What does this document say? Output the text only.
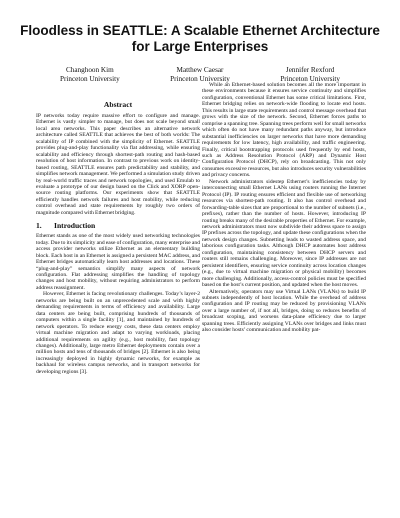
Floodless in SEATTLE: A Scalable Ethernet Architecture for Large Enterprises
Changhoon Kim
Princeton University
Matthew Caesar
Princeton University
Jennifer Rexford
Princeton University
Abstract

IP networks today require massive effort to configure and manage. Ethernet is vastly simpler to manage, but does not scale beyond small local area networks. This paper describes an alternative network architecture called SEATTLE that achieves the best of both worlds: The scalability of IP combined with the simplicity of Ethernet. SEATTLE provides plug-and-play functionality via flat addressing, while ensuring scalability and efficiency through shortest-path routing and hash-based resolution of host information. In contrast to previous work on identity-based routing, SEATTLE ensures path predictability and stability, and simplifies network management. We performed a simulation study driven by real-world traffic traces and network topologies, and used Emulab to evaluate a prototype of our design based on the Click and XORP open-source routing platforms. Our experiments show that SEATTLE efficiently handles network failures and host mobility, while reducing control overhead and state requirements by roughly two orders of magnitude compared with Ethernet bridging.

1. Introduction

Ethernet stands as one of the most widely used networking technologies today. Due to its simplicity and ease of configuration, many enterprise and access provider networks utilize Ethernet as an elementary building block. Each host in an Ethernet is assigned a persistent MAC address, and Ethernet bridges automatically learn host addresses and locations. These “plug-and-play” semantics simplify many aspects of network configuration. Flat addressing simplifies the handling of topology changes and host mobility, without requiring administrators to perform address reassignment.

However, Ethernet is facing revolutionary challenges. Today’s layer-2 networks are being built on an unprecedented scale and with highly demanding requirements in terms of efficiency and availability. Large data centers are being built, comprising hundreds of thousands of computers within a single facility [1], and maintained by hundreds of network operators. To reduce energy costs, these data centers employ virtual machine migration and adapt to varying workloads, placing additional requirements on agility (e.g., host mobility, fast topology changes). Additionally, large metro Ethernet deployments contain over a million hosts and tens of thousands of bridges [2]. Ethernet is also being increasingly deployed in highly dynamic networks, for example as backhaul for wireless campus networks, and in transport networks for developing regions [3].

While an Ethernet-based solution becomes all the more important in these environments because it ensures service continuity and simplifies configuration, conventional Ethernet has some critical limitations. First, Ethernet bridging relies on network-wide flooding to locate end hosts. This results in large state requirements and control message overhead that grows with the size of the network. Second, Ethernet forces paths to comprise a spanning tree. Spanning trees perform well for small networks which often do not have many redundant paths anyway, but introduce substantial inefficiencies on larger networks that have more demanding requirements for low latency, high availability, and traffic engineering. Finally, critical bootstrapping protocols used frequently by end hosts, such as Address Resolution Protocol (ARP) and Dynamic Host Configuration Protocol (DHCP), rely on broadcasting. This not only consumes excessive resources, but also introduces security vulnerabilities and privacy concerns.

Network administrators sidestep Ethernet’s inefficiencies today by interconnecting small Ethernet LANs using routers running the Internet Protocol (IP). IP routing ensures efficient and flexible use of networking resources via shortest-path routing. It also has control overhead and forwarding-table sizes that are proportional to the number of subnets (i.e., prefixes), rather than the number of hosts. However, introducing IP routing breaks many of the desirable properties of Ethernet. For example, network administrators must now subdivide their address space to assign IP prefixes across the topology, and update these configurations when the network design changes. Subnetting leads to wasted address space, and laborious configuration tasks. Although DHCP automates host address configuration, maintaining consistency between DHCP servers and routers still remains challenging. Moreover, since IP addresses are not persistent identifiers, ensuring service continuity across location changes (e.g., due to virtual machine migration or physical mobility) becomes more challenging. Additionally, access-control policies must be specified based on the host’s current position, and updated when the host moves.

Alternatively, operators may use Virtual LANs (VLANs) to build IP subnets independently of host location. While the overhead of address configuration and IP routing may be reduced by provisioning VLANs over a large number of, if not all, bridges, doing so reduces benefits of broadcast scoping, and worsens data-plane efficiency due to larger spanning trees. Efficiently assigning VLANs over bridges and links must also consider hosts’ communication and mobility pat-
